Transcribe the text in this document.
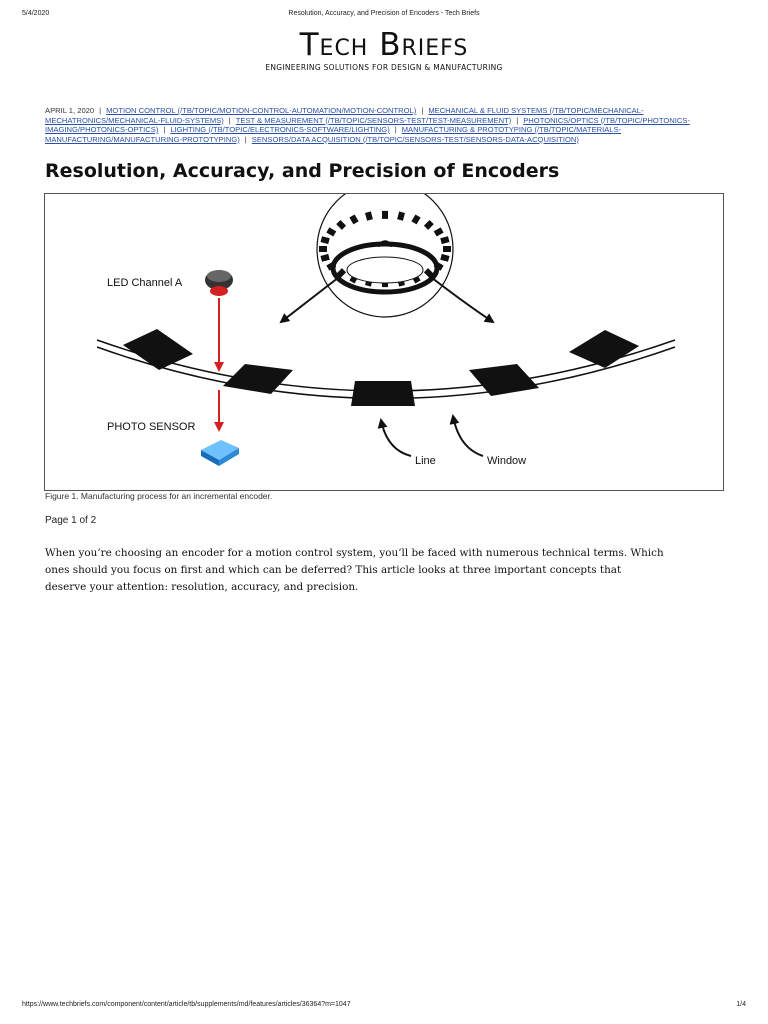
5/4/2020	Resolution, Accuracy, and Precision of Encoders - Tech Briefs
Tech Briefs
ENGINEERING SOLUTIONS FOR DESIGN & MANUFACTURING
APRIL 1, 2020 | MOTION CONTROL (/TB/TOPIC/MOTION-CONTROL-AUTOMATION/MOTION-CONTROL) | MECHANICAL & FLUID SYSTEMS (/TB/TOPIC/MECHANICAL-MECHATRONICS/MECHANICAL-FLUID-SYSTEMS) | TEST & MEASUREMENT (/TB/TOPIC/SENSORS-TEST/TEST-MEASUREMENT) | PHOTONICS/OPTICS (/TB/TOPIC/PHOTONICS-IMAGING/PHOTONICS-OPTICS) | LIGHTING (/TB/TOPIC/ELECTRONICS-SOFTWARE/LIGHTING) | MANUFACTURING & PROTOTYPING (/TB/TOPIC/MATERIALS-MANUFACTURING/MANUFACTURING-PROTOTYPING) | SENSORS/DATA ACQUISITION (/TB/TOPIC/SENSORS-TEST/SENSORS-DATA-ACQUISITION)
Resolution, Accuracy, and Precision of Encoders
LED Channel A
PHOTO SENSOR
Line	Window
Figure 1. Manufacturing process for an incremental encoder.
Page 1 of 2

When you’re choosing an encoder for a motion control system, you’ll be faced with numerous technical terms. Which ones should you focus on first and which can be deferred? This article looks at three important concepts that deserve your attention: resolution, accuracy, and precision.

https://www.techbriefs.com/component/content/article/tb/supplements/md/features/articles/36364?m=1047	1/4
